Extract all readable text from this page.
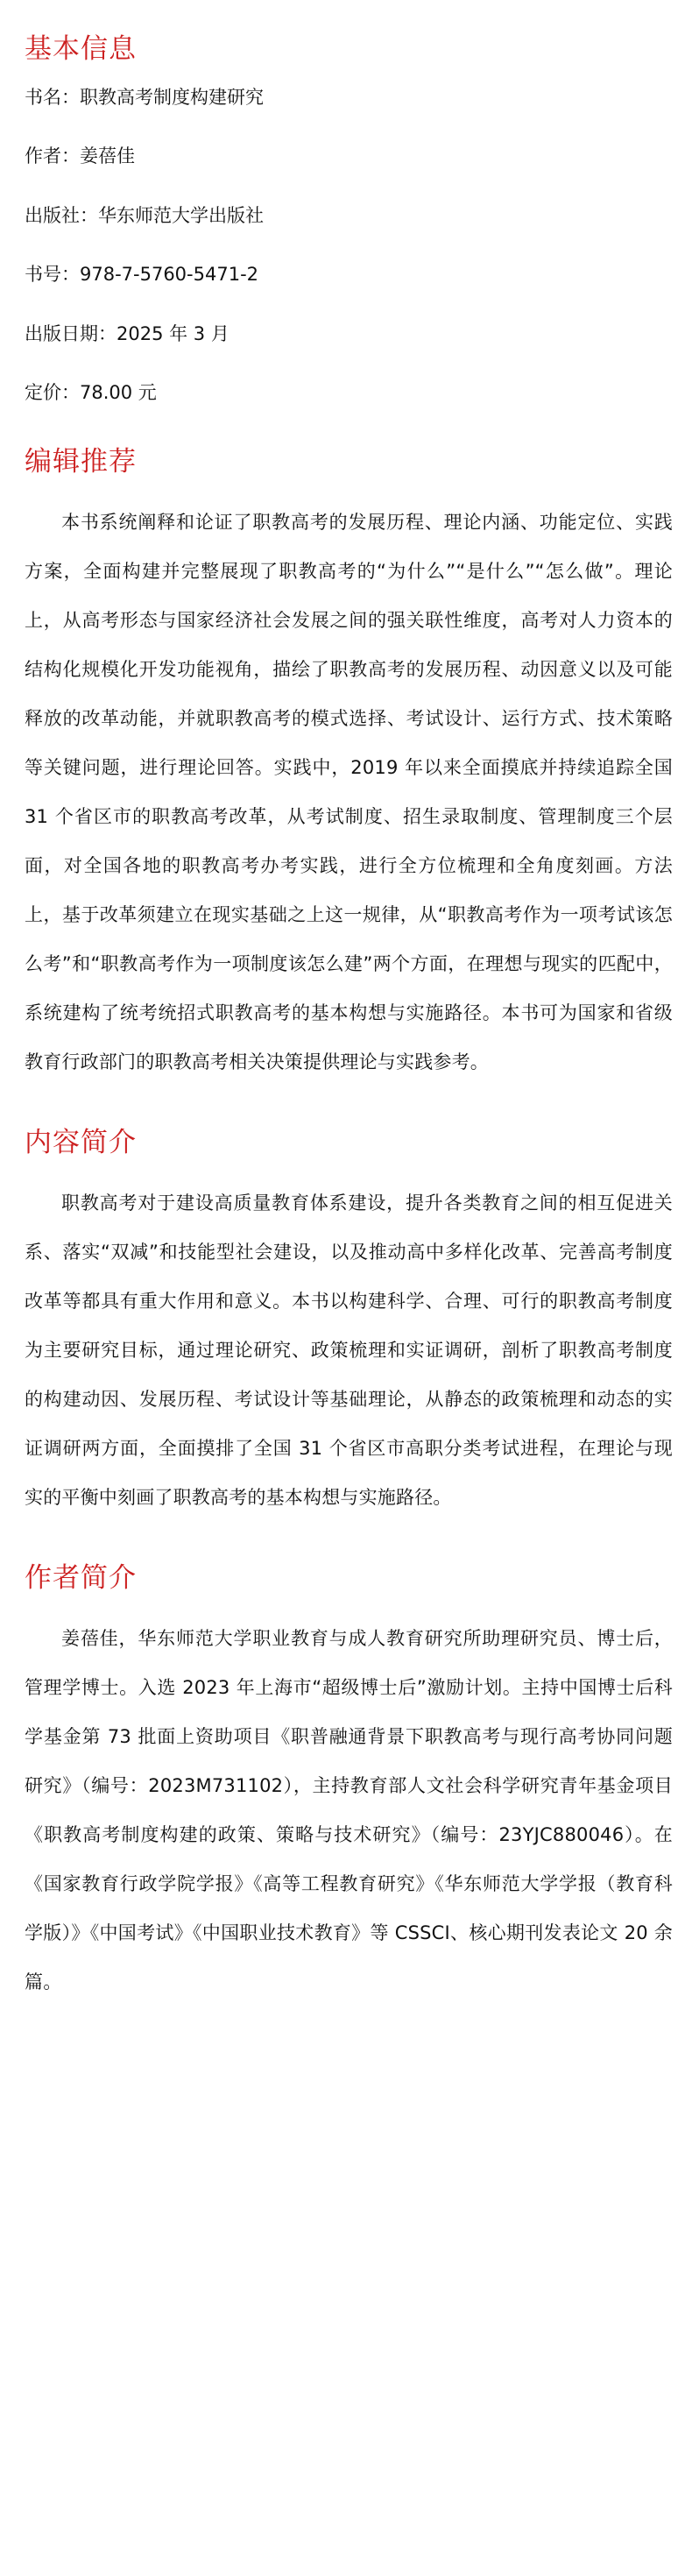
基本信息
书名：职教高考制度构建研究
作者：姜蓓佳
出版社：华东师范大学出版社
书号：978-7-5760-5471-2
出版日期：2025 年 3 月
定价：78.00 元
编辑推荐

本书系统阐释和论证了职教高考的发展历程、理论内涵、功能定位、实践方案，全面构建并完整展现了职教高考的“为什么”“是什么”“怎么做”。理论上，从高考形态与国家经济社会发展之间的强关联性维度，高考对人力资本的结构化规模化开发功能视角，描绘了职教高考的发展历程、动因意义以及可能释放的改革动能，并就职教高考的模式选择、考试设计、运行方式、技术策略等关键问题，进行理论回答。实践中，2019 年以来全面摸底并持续追踪全国 31 个省区市的职教高考改革，从考试制度、招生录取制度、管理制度三个层面，对全国各地的职教高考办考实践，进行全方位梳理和全角度刻画。方法上，基于改革须建立在现实基础之上这一规律，从“职教高考作为一项考试该怎么考”和“职教高考作为一项制度该怎么建”两个方面，在理想与现实的匹配中，系统建构了统考统招式职教高考的基本构想与实施路径。本书可为国家和省级教育行政部门的职教高考相关决策提供理论与实践参考。

内容简介

职教高考对于建设高质量教育体系建设，提升各类教育之间的相互促进关系、落实“双减”和技能型社会建设，以及推动高中多样化改革、完善高考制度改革等都具有重大作用和意义。本书以构建科学、合理、可行的职教高考制度为主要研究目标，通过理论研究、政策梳理和实证调研，剖析了职教高考制度的构建动因、发展历程、考试设计等基础理论，从静态的政策梳理和动态的实证调研两方面，全面摸排了全国 31 个省区市高职分类考试进程，在理论与现实的平衡中刻画了职教高考的基本构想与实施路径。

作者简介

姜蓓佳，华东师范大学职业教育与成人教育研究所助理研究员、博士后，管理学博士。入选 2023 年上海市“超级博士后”激励计划。主持中国博士后科学基金第 73 批面上资助项目《职普融通背景下职教高考与现行高考协同问题研究》（编号：2023M731102），主持教育部人文社会科学研究青年基金项目 《职教高考制度构建的政策、策略与技术研究》（编号：23YJC880046）。在《国家教育行政学院学报》《高等工程教育研究》《华东师范大学学报（教育科学版）》《中国考试》《中国职业技术教育》等 CSSCI、核心期刊发表论文 20 余篇。
